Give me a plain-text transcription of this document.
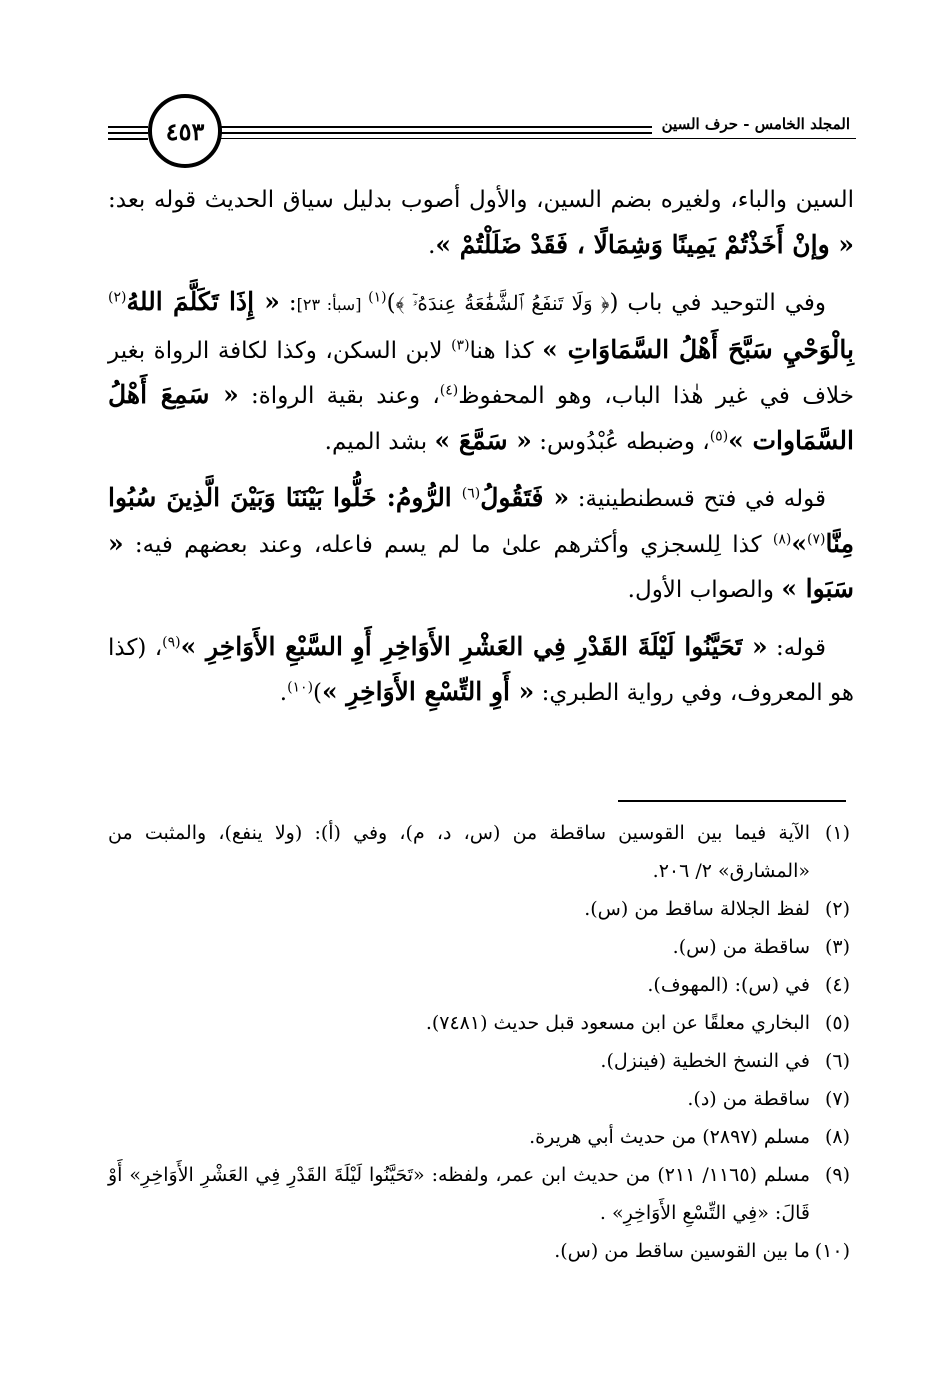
المجلد الخامس - حرف السين
٤٥٣

السين والباء، ولغيره بضم السين، والأول أصوب بدليل سياق الحديث قوله بعد: « وإنْ أَخَذْتُمْ يَمِينًا وَشِمَالًا ، فَقَدْ ضَلَلْتُمْ ».

وفي التوحيد في باب (﴿ وَلَا تَنفَعُ ٱلشَّفَٰعَةُ عِندَهُۥٓ ﴾)$^{(١)}$ [سبأ: ٢٣]: « إِذَا تَكَلَّمَ اللهُ$^{(٢)}$ بِالْوَحْيِ سَبَّحَ أَهْلُ السَّمَاوَاتِ » كذا هنا$^{(٣)}$ لابن السكن، وكذا لكافة الرواة بغير خلاف في غير هٰذا الباب، وهو المحفوظ$^{(٤)}$، وعند بقية الرواة: « سَمِعَ أَهْلُ السَّمَاوات »$^{(٥)}$، وضبطه عُبْدُوس: « سَمَّعَ » بشد الميم.

قوله في فتح قسطنطينية: « فَتَقُولُ$^{(٦)}$ الرُّومُ: خَلُّوا بَيْنَنَا وَبَيْنَ الَّذِينَ سُبُوا مِنَّا$^{(٧)}$»$^{(٨)}$ كذا لِلسجزي وأكثرهم علىٰ ما لم يسم فاعله، وعند بعضهم فيه: « سَبَوا » والصواب الأول.

قوله: « تَحَيَّنُوا لَيْلَةَ القَدْرِ فِي العَشْرِ الأَوَاخِرِ أَوِ السَّبْعِ الأَوَاخِرِ »$^{(٩)}$، (كذا هو المعروف، وفي رواية الطبري: « أَوِ التِّسْعِ الأَوَاخِرِ »)$^{(١٠)}$.

(١)
الآية فيما بين القوسين ساقطة من (س، د، م)، وفي (أ): (ولا ينفع)، والمثبت من «المشارق» ٢/ ٢٠٦.
(٢)
لفظ الجلالة ساقط من (س).
(٣)
ساقطة من (س).
(٤)
في (س): (المهوف).
(٥)
البخاري معلقًا عن ابن مسعود قبل حديث (٧٤٨١).
(٦)
في النسخ الخطية (فينزل).
(٧)
ساقطة من (د).
(٨)
مسلم (٢٨٩٧) من حديث أبي هريرة.
(٩)
مسلم (١١٦٥/ ٢١١) من حديث ابن عمر، ولفظه: «تَحَيَّنُوا لَيْلَةَ القَدْرِ فِي العَشْرِ الأَوَاخِرِ» أَوْ قَالَ: «فِي التِّسْعِ الأَوَاخِرِ» .
(١٠)
ما بين القوسين ساقط من (س).
